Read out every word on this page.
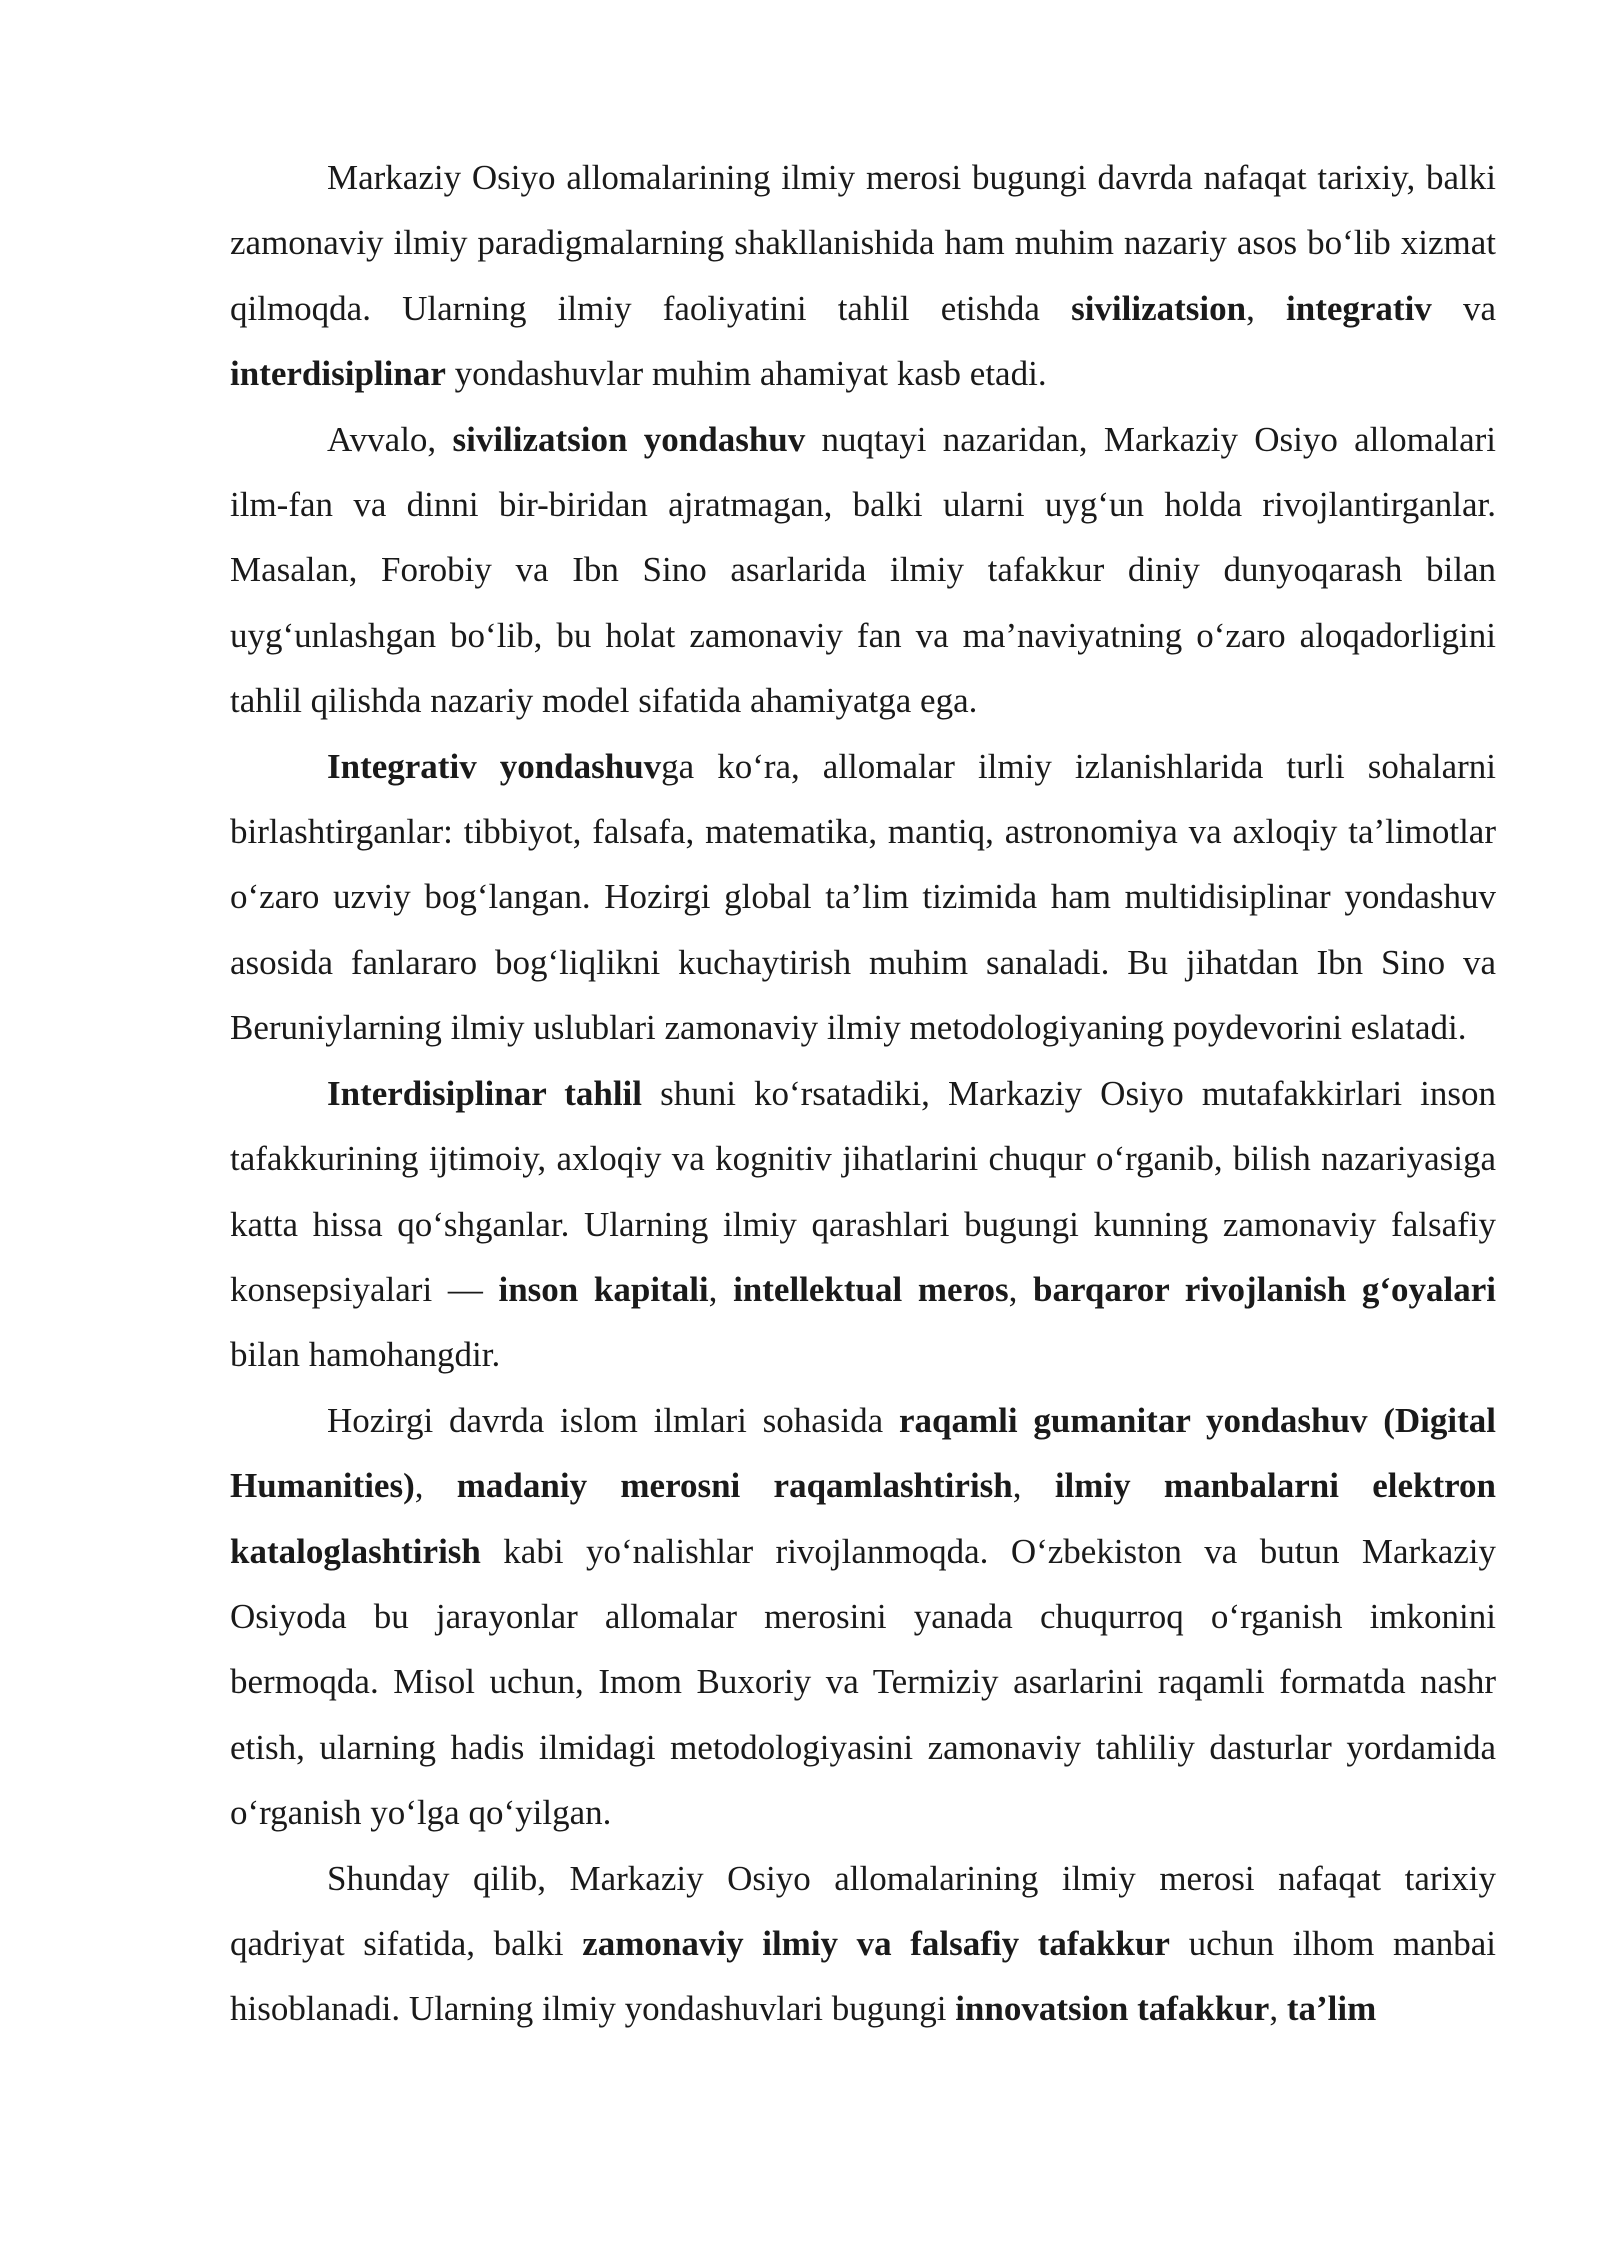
Markaziy Osiyo allomalarining ilmiy merosi bugungi davrda nafaqat tarixiy, balki zamonaviy ilmiy paradigmalarning shakllanishida ham muhim nazariy asos bo‘lib xizmat qilmoqda. Ularning ilmiy faoliyatini tahlil etishda sivilizatsion, integrativ va interdisiplinar yondashuvlar muhim ahamiyat kasb etadi.

Avvalo, sivilizatsion yondashuv nuqtayi nazaridan, Markaziy Osiyo allomalari ilm-fan va dinni bir-biridan ajratmagan, balki ularni uyg‘un holda rivojlantirganlar. Masalan, Forobiy va Ibn Sino asarlarida ilmiy tafakkur diniy dunyoqarash bilan uyg‘unlashgan bo‘lib, bu holat zamonaviy fan va ma’naviyatning o‘zaro aloqadorligini tahlil qilishda nazariy model sifatida ahamiyatga ega.

Integrativ yondashuvga ko‘ra, allomalar ilmiy izlanishlarida turli sohalarni birlashtirganlar: tibbiyot, falsafa, matematika, mantiq, astronomiya va axloqiy ta’limotlar o‘zaro uzviy bog‘langan. Hozirgi global ta’lim tizimida ham multidisiplinar yondashuv asosida fanlararo bog‘liqlikni kuchaytirish muhim sanaladi. Bu jihatdan Ibn Sino va Beruniylarning ilmiy uslublari zamonaviy ilmiy metodologiyaning poydevorini eslatadi.

Interdisiplinar tahlil shuni ko‘rsatadiki, Markaziy Osiyo mutafakkirlari inson tafakkurining ijtimoiy, axloqiy va kognitiv jihatlarini chuqur o‘rganib, bilish nazariyasiga katta hissa qo‘shganlar. Ularning ilmiy qarashlari bugungi kunning zamonaviy falsafiy konsepsiyalari — inson kapitali, intellektual meros, barqaror rivojlanish g‘oyalari bilan hamohangdir.

Hozirgi davrda islom ilmlari sohasida raqamli gumanitar yondashuv (Digital Humanities), madaniy merosni raqamlashtirish, ilmiy manbalarni elektron kataloglashtirish kabi yo‘nalishlar rivojlanmoqda. O‘zbekiston va butun Markaziy Osiyoda bu jarayonlar allomalar merosini yanada chuqurroq o‘rganish imkonini bermoqda. Misol uchun, Imom Buxoriy va Termiziy asarlarini raqamli formatda nashr etish, ularning hadis ilmidagi metodologiyasini zamonaviy tahliliy dasturlar yordamida o‘rganish yo‘lga qo‘yilgan.

Shunday qilib, Markaziy Osiyo allomalarining ilmiy merosi nafaqat tarixiy qadriyat sifatida, balki zamonaviy ilmiy va falsafiy tafakkur uchun ilhom manbai hisoblanadi. Ularning ilmiy yondashuvlari bugungi innovatsion tafakkur, ta’lim
